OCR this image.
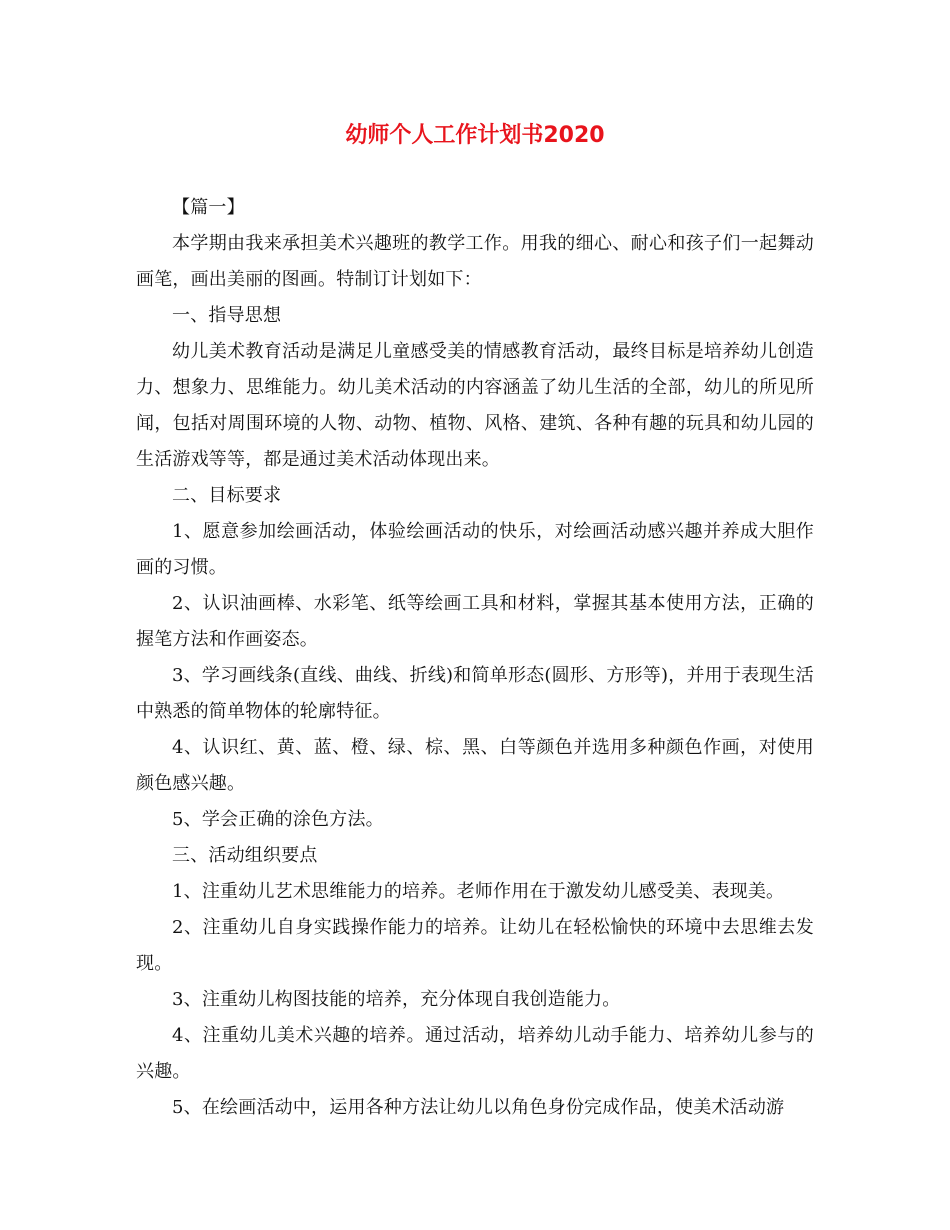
幼师个人工作计划书2020

【篇一】

本学期由我来承担美术兴趣班的教学工作。用我的细心、耐心和孩子们一起舞动画笔，画出美丽的图画。特制订计划如下：

一、指导思想

幼儿美术教育活动是满足儿童感受美的情感教育活动，最终目标是培养幼儿创造力、想象力、思维能力。幼儿美术活动的内容涵盖了幼儿生活的全部，幼儿的所见所闻，包括对周围环境的人物、动物、植物、风格、建筑、各种有趣的玩具和幼儿园的生活游戏等等，都是通过美术活动体现出来。

二、目标要求

1、愿意参加绘画活动，体验绘画活动的快乐，对绘画活动感兴趣并养成大胆作画的习惯。

2、认识油画棒、水彩笔、纸等绘画工具和材料，掌握其基本使用方法，正确的握笔方法和作画姿态。

3、学习画线条(直线、曲线、折线)和简单形态(圆形、方形等)，并用于表现生活中熟悉的简单物体的轮廓特征。

4、认识红、黄、蓝、橙、绿、棕、黑、白等颜色并选用多种颜色作画，对使用颜色感兴趣。

5、学会正确的涂色方法。

三、活动组织要点

1、注重幼儿艺术思维能力的培养。老师作用在于激发幼儿感受美、表现美。

2、注重幼儿自身实践操作能力的培养。让幼儿在轻松愉快的环境中去思维去发现。

3、注重幼儿构图技能的培养，充分体现自我创造能力。

4、注重幼儿美术兴趣的培养。通过活动，培养幼儿动手能力、培养幼儿参与的兴趣。

5、在绘画活动中，运用各种方法让幼儿以角色身份完成作品，使美术活动游
